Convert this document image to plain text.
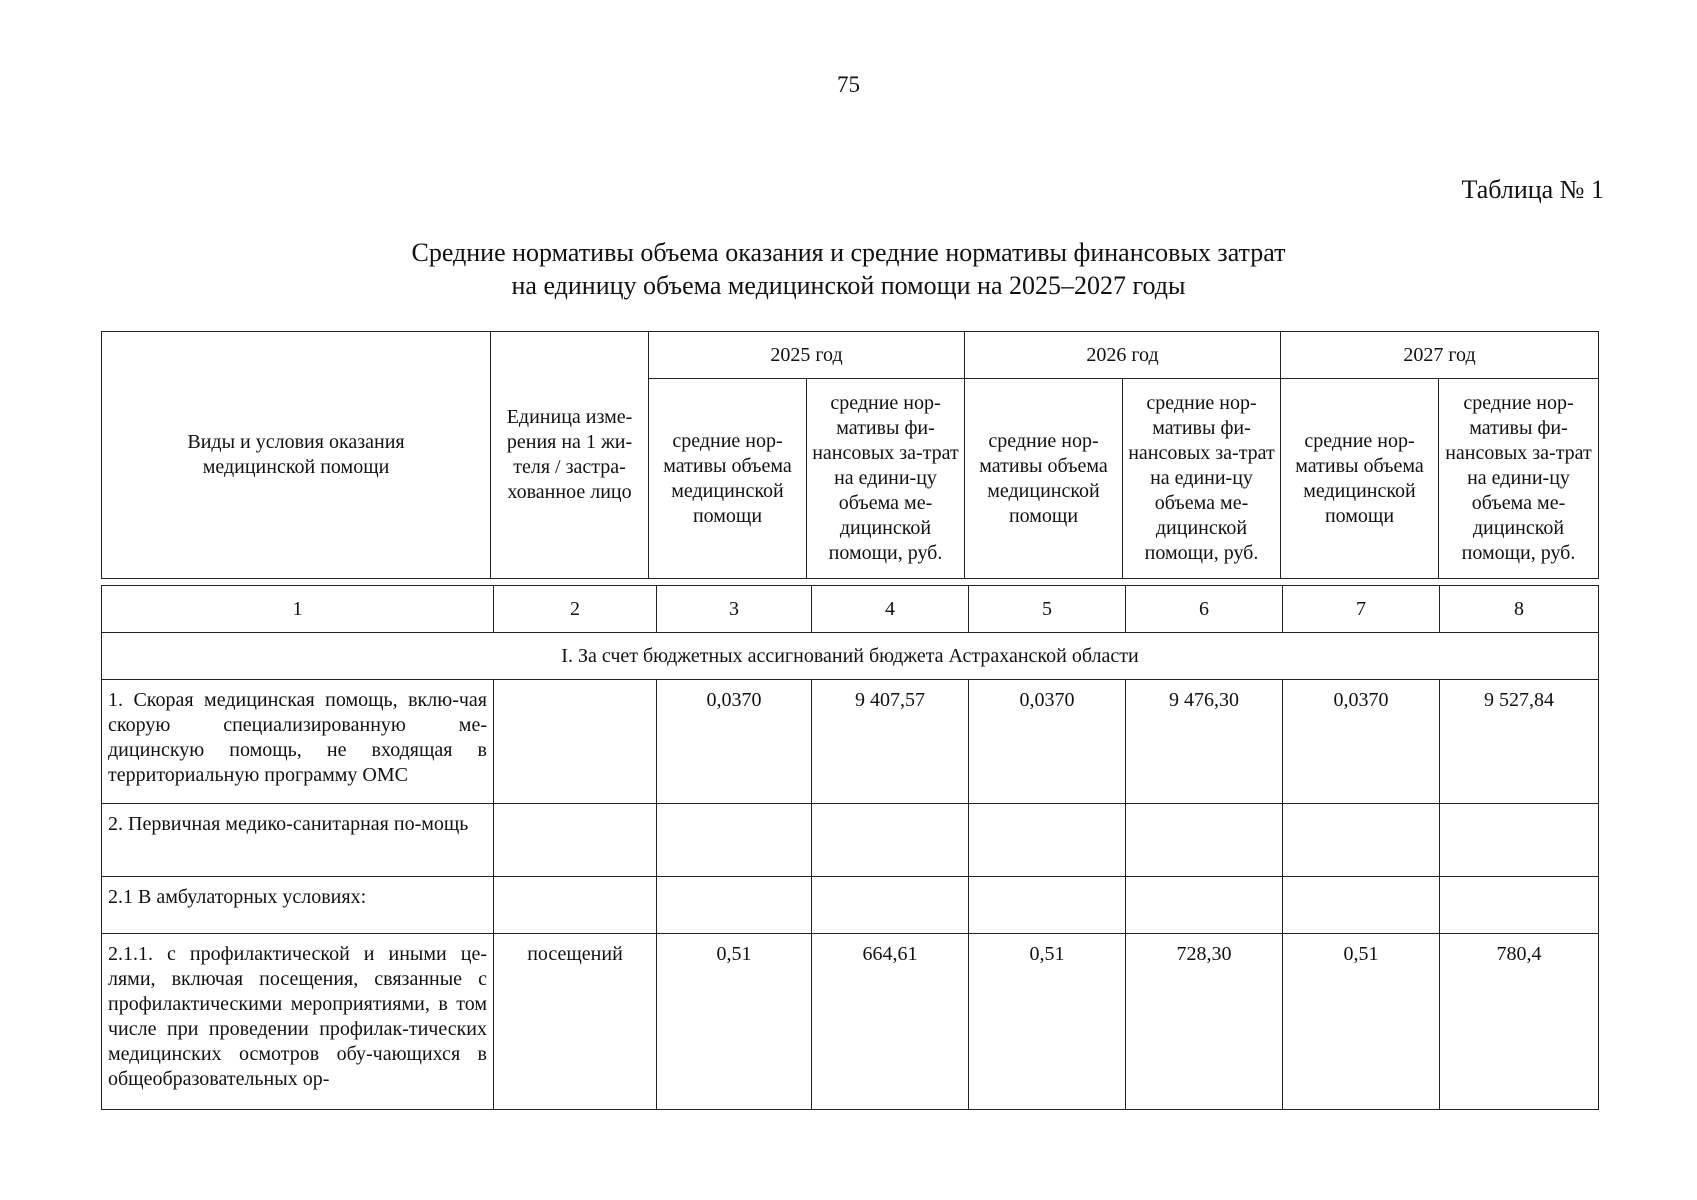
75
Таблица № 1
Средние нормативы объема оказания и средние нормативы финансовых затрат
на единицу объема медицинской помощи на 2025–2027 годы
Виды и условия оказания медицинской помощи	Единица изме-рения на 1 жи-теля / застра-хованное лицо	2025 год		2026 год		2027 год	
		средние нор-мативы объема медицинской помощи	средние нор-мативы фи-нансовых за-трат на едини-цу объема ме-дицинской помощи, руб.	средние нор-мативы объема медицинской помощи	средние нор-мативы фи-нансовых за-трат на едини-цу объема ме-дицинской помощи, руб.	средние нор-мативы объема медицинской помощи	средние нор-мативы фи-нансовых за-трат на едини-цу объема ме-дицинской помощи, руб.
1	2	3	4	5	6	7	8
I. За счет бюджетных ассигнований бюджета Астраханской области							
1. Скорая медицинская помощь, вклю-чая скорую специализированную ме-дицинскую помощь, не входящая в территориальную программу ОМС		0,0370	9 407,57	0,0370	9 476,30	0,0370	9 527,84
2. Первичная медико-санитарная по-мощь							
2.1 В амбулаторных условиях:							
2.1.1. с профилактической и иными це-лями, включая посещения, связанные с профилактическими мероприятиями, в том числе при проведении профилак-тических медицинских осмотров обу-чающихся в общеобразовательных ор-	посещений	0,51	664,61	0,51	728,30	0,51	780,4
